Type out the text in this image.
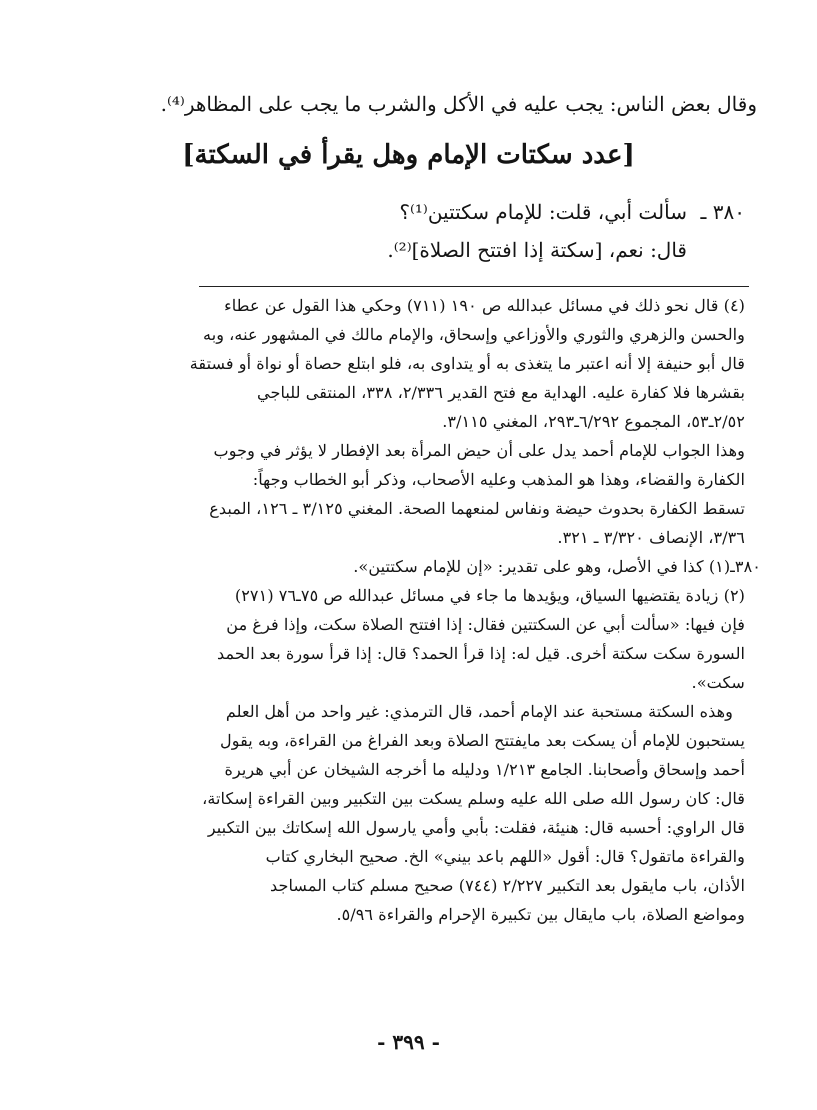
وقال بعض الناس: يجب عليه في الأكل والشرب ما يجب على المظاهر⁽⁴⁾.
[عدد سكتات الإمام وهل يقرأ في السكتة]
٣٨٠ ـ
سألت أبي، قلت: للإمام سكتتين⁽¹⁾؟
قال: نعم، [سكتة إذا افتتح الصلاة]⁽²⁾.
(٤) قال نحو ذلك في مسائل عبدالله ص ١٩٠ (٧١١) وحكي هذا القول عن عطاء
والحسن والزهري والثوري والأوزاعي وإسحاق، والإمام مالك في المشهور عنه، وبه
قال أبو حنيفة إلا أنه اعتبر ما يتغذى به أو يتداوى به، فلو ابتلع حصاة أو نواة أو فستقة
بقشرها فلا كفارة عليه. الهداية مع فتح القدير ٢/٣٣٦، ٣٣٨، المنتقى للباجي
٢/٥٢ـ٥٣، المجموع ٦/٢٩٢ـ٢٩٣، المغني ٣/١١٥.
وهذا الجواب للإمام أحمد يدل على أن حيض المرأة بعد الإفطار لا يؤثر في وجوب
الكفارة والقضاء، وهذا هو المذهب وعليه الأصحاب، وذكر أبو الخطاب وجهاً:
تسقط الكفارة بحدوث حيضة ونفاس لمنعهما الصحة. المغني ٣/١٢٥ ـ ١٢٦، المبدع
٣/٣٦، الإنصاف ٣/٣٢٠ ـ ٣٢١.
٣٨٠ـ(١) كذا في الأصل، وهو على تقدير: «إن للإمام سكتتين».
(٢) زيادة يقتضيها السياق، ويؤيدها ما جاء في مسائل عبدالله ص ٧٥ـ٧٦ (٢٧١)
فإن فيها: «سألت أبي عن السكتتين فقال: إذا افتتح الصلاة سكت، وإذا فرغ من
السورة سكت سكتة أخرى. قيل له: إذا قرأ الحمد؟ قال: إذا قرأ سورة بعد الحمد
سكت».
وهذه السكتة مستحبة عند الإمام أحمد، قال الترمذي: غير واحد من أهل العلم
يستحبون للإمام أن يسكت بعد مايفتتح الصلاة وبعد الفراغ من القراءة، وبه يقول
أحمد وإسحاق وأصحابنا. الجامع ١/٢١٣ ودليله ما أخرجه الشيخان عن أبي هريرة
قال: كان رسول الله صلى الله عليه وسلم يسكت بين التكبير وبين القراءة إسكاتة،
قال الراوي: أحسبه قال: هنيئة، فقلت: بأبي وأمي يارسول الله إسكاتك بين التكبير
والقراءة ماتقول؟ قال: أقول «اللهم باعد بيني» الخ. صحيح البخاري كتاب
الأذان، باب مايقول بعد التكبير ٢/٢٢٧ (٧٤٤) صحيح مسلم كتاب المساجد
ومواضع الصلاة، باب مايقال بين تكبيرة الإحرام والقراءة ٥/٩٦.
- ٣٩٩ -
